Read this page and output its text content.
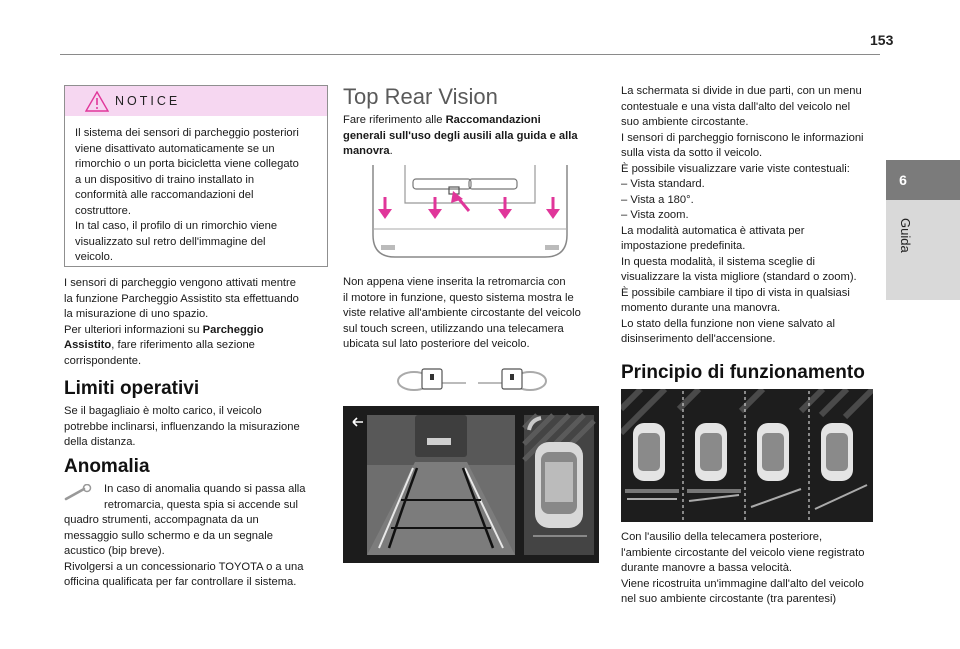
153
6
Guida
NOTICE

Il sistema dei sensori di parcheggio posteriori

viene disattivato automaticamente se un

rimorchio o un porta bicicletta viene collegato

a un dispositivo di traino installato in

conformità alle raccomandazioni del

costruttore.

In tal caso, il profilo di un rimorchio viene

visualizzato sul retro dell'immagine del

veicolo.

I sensori di parcheggio vengono attivati mentre

la funzione Parcheggio Assistito sta effettuando

la misurazione di uno spazio.

Per ulteriori informazioni su Parcheggio

Assistito, fare riferimento alla sezione

corrispondente.

Limiti operativi

Se il bagagliaio è molto carico, il veicolo

potrebbe inclinarsi, influenzando la misurazione

della distanza.

Anomalia

In caso di anomalia quando si passa alla

retromarcia, questa spia si accende sul

quadro strumenti, accompagnata da un

messaggio sullo schermo e da un segnale

acustico (bip breve).

Rivolgersi a un concessionario TOYOTA o a una

officina qualificata per far controllare il sistema.

Top Rear Vision

Fare riferimento alle Raccomandazioni

generali sull'uso degli ausili alla guida e alla

manovra.

Non appena viene inserita la retromarcia con

il motore in funzione, questo sistema mostra le

viste relative all'ambiente circostante del veicolo

sul touch screen, utilizzando una telecamera

ubicata sul lato posteriore del veicolo.

La schermata si divide in due parti, con un menu

contestuale e una vista dall'alto del veicolo nel

suo ambiente circostante.

I sensori di parcheggio forniscono le informazioni

sulla vista da sotto il veicolo.

È possibile visualizzare varie viste contestuali:

– Vista standard.

– Vista a 180°.

– Vista zoom.

La modalità automatica è attivata per

impostazione predefinita.

In questa modalità, il sistema sceglie di

visualizzare la vista migliore (standard o zoom).

È possibile cambiare il tipo di vista in qualsiasi

momento durante una manovra.

Lo stato della funzione non viene salvato al

disinserimento dell'accensione.

Principio di funzionamento

Con l'ausilio della telecamera posteriore,

l'ambiente circostante del veicolo viene registrato

durante manovre a bassa velocità.

Viene ricostruita un'immagine dall'alto del veicolo

nel suo ambiente circostante (tra parentesi)
